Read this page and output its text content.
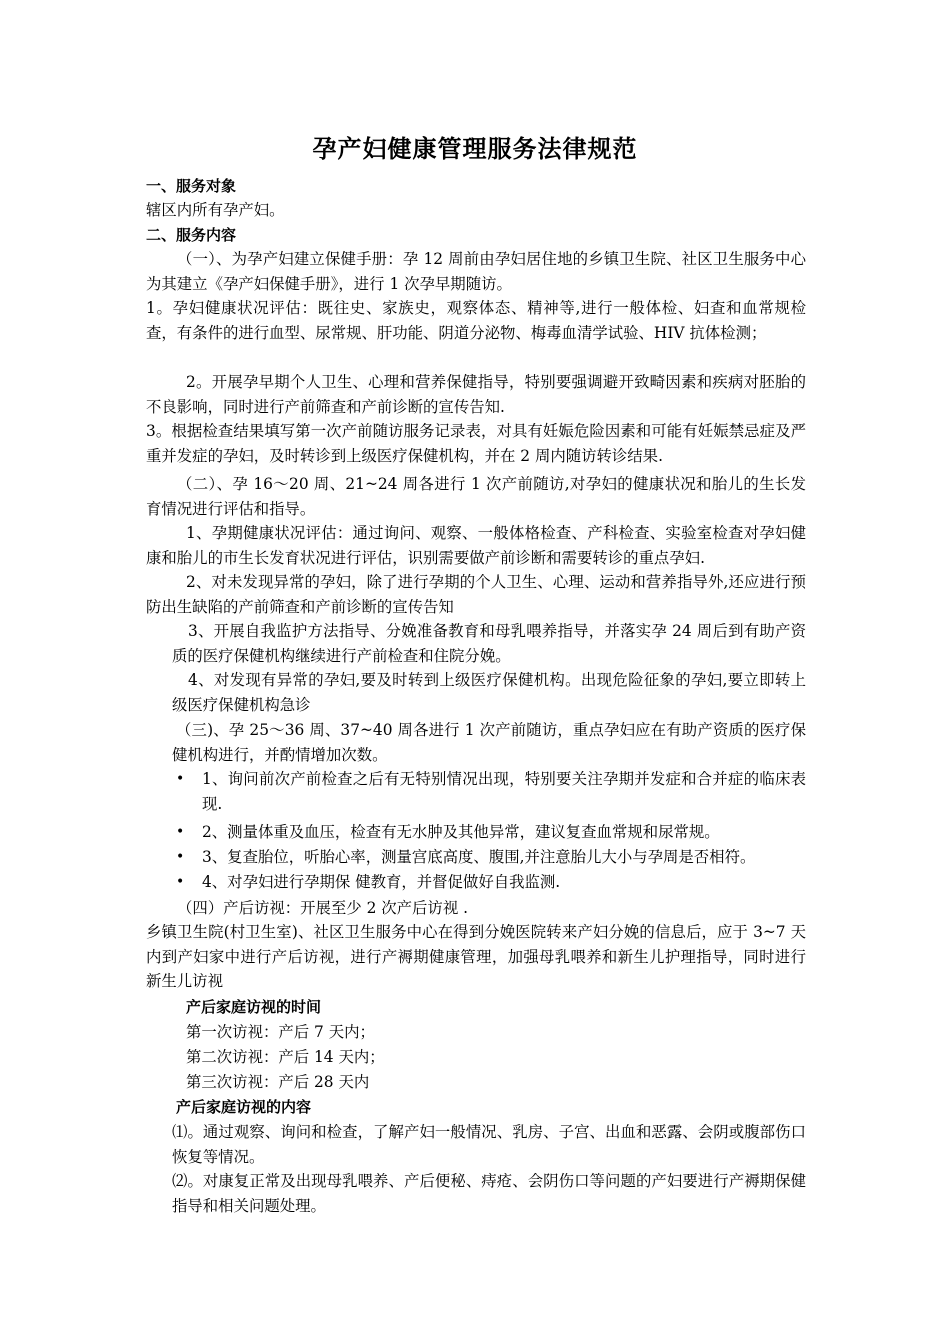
孕产妇健康管理服务法律规范
一、服务对象
辖区内所有孕产妇。
二、服务内容
（一）、为孕产妇建立保健手册：孕 12 周前由孕妇居住地的乡镇卫生院、社区卫生服务中心为其建立《孕产妇保健手册》，进行 1 次孕早期随访。
1。孕妇健康状况评估：既往史、家族史，观察体态、精神等,进行一般体检、妇查和血常规检查，有条件的进行血型、尿常规、肝功能、阴道分泌物、梅毒血清学试验、HIV 抗体检测；
2。开展孕早期个人卫生、心理和营养保健指导，特别要强调避开致畸因素和疾病对胚胎的不良影响，同时进行产前筛查和产前诊断的宣传告知.
3。根据检查结果填写第一次产前随访服务记录表，对具有妊娠危险因素和可能有妊娠禁忌症及严重并发症的孕妇，及时转诊到上级医疗保健机构，并在 2 周内随访转诊结果.
（二）、孕 16～20 周、21~24 周各进行 1 次产前随访,对孕妇的健康状况和胎儿的生长发育情况进行评估和指导。
1、孕期健康状况评估：通过询问、观察、一般体格检查、产科检查、实验室检查对孕妇健康和胎儿的市生长发育状况进行评估，识别需要做产前诊断和需要转诊的重点孕妇.
2、对未发现异常的孕妇，除了进行孕期的个人卫生、心理、运动和营养指导外,还应进行预防出生缺陷的产前筛查和产前诊断的宣传告知
3、开展自我监护方法指导、分娩准备教育和母乳喂养指导，并落实孕 24 周后到有助产资质的医疗保健机构继续进行产前检查和住院分娩。
4、对发现有异常的孕妇,要及时转到上级医疗保健机构。出现危险征象的孕妇,要立即转上级医疗保健机构急诊
（三)、孕 25～36 周、37~40 周各进行 1 次产前随访，重点孕妇应在有助产资质的医疗保健机构进行，并酌情增加次数。
• 1、询问前次产前检查之后有无特别情况出现，特别要关注孕期并发症和合并症的临床表现.
• 2、测量体重及血压，检查有无水肿及其他异常，建议复查血常规和尿常规。
• 3、复查胎位，听胎心率，测量宫底高度、腹围,并注意胎儿大小与孕周是否相符。
• 4、对孕妇进行孕期保 健教育，并督促做好自我监测.
（四）产后访视：开展至少 2 次产后访视 .
乡镇卫生院(村卫生室)、社区卫生服务中心在得到分娩医院转来产妇分娩的信息后，应于 3~7 天内到产妇家中进行产后访视，进行产褥期健康管理，加强母乳喂养和新生儿护理指导，同时进行新生儿访视
产后家庭访视的时间
第一次访视：产后 7 天内；
第二次访视：产后 14 天内；
第三次访视：产后 28 天内
产后家庭访视的内容
⑴。通过观察、询问和检查，了解产妇一般情况、乳房、子宫、出血和恶露、会阴或腹部伤口恢复等情况。
⑵。对康复正常及出现母乳喂养、产后便秘、痔疮、会阴伤口等问题的产妇要进行产褥期保健指导和相关问题处理。
